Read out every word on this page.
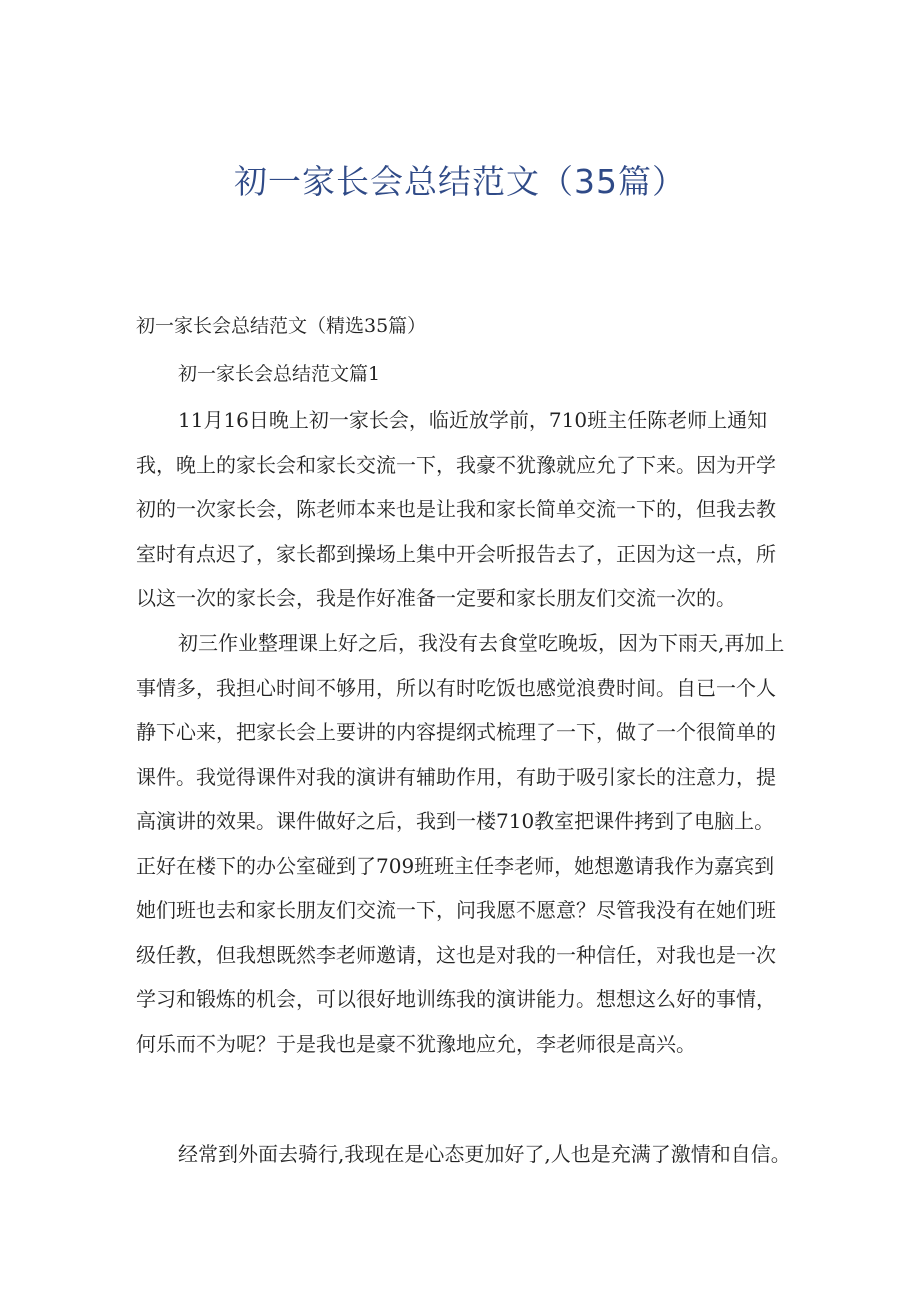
初一家长会总结范文（35篇）
初一家长会总结范文（精选35篇）
初一家长会总结范文篇1
11月16日晚上初一家长会，临近放学前，710班主任陈老师上通知
我，晚上的家长会和家长交流一下，我豪不犹豫就应允了下来。因为开学
初的一次家长会，陈老师本来也是让我和家长简单交流一下的，但我去教
室时有点迟了，家长都到操场上集中开会听报告去了，正因为这一点，所
以这一次的家长会，我是作好准备一定要和家长朋友们交流一次的。
初三作业整理课上好之后，我没有去食堂吃晚坂，因为下雨天,再加上
事情多，我担心时间不够用，所以有时吃饭也感觉浪费时间。自已一个人
静下心来，把家长会上要讲的内容提纲式梳理了一下，做了一个很简单的
课件。我觉得课件对我的演讲有辅助作用，有助于吸引家长的注意力，提
高演讲的效果。课件做好之后，我到一楼710教室把课件拷到了电脑上。
正好在楼下的办公室碰到了709班班主任李老师，她想邀请我作为嘉宾到
她们班也去和家长朋友们交流一下，问我愿不愿意？尽管我没有在她们班
级任教，但我想既然李老师邀请，这也是对我的一种信任，对我也是一次
学习和锻炼的机会，可以很好地训练我的演讲能力。想想这么好的事情，
何乐而不为呢？于是我也是豪不犹豫地应允，李老师很是高兴。
经常到外面去骑行,我现在是心态更加好了,人也是充满了激情和自信。
